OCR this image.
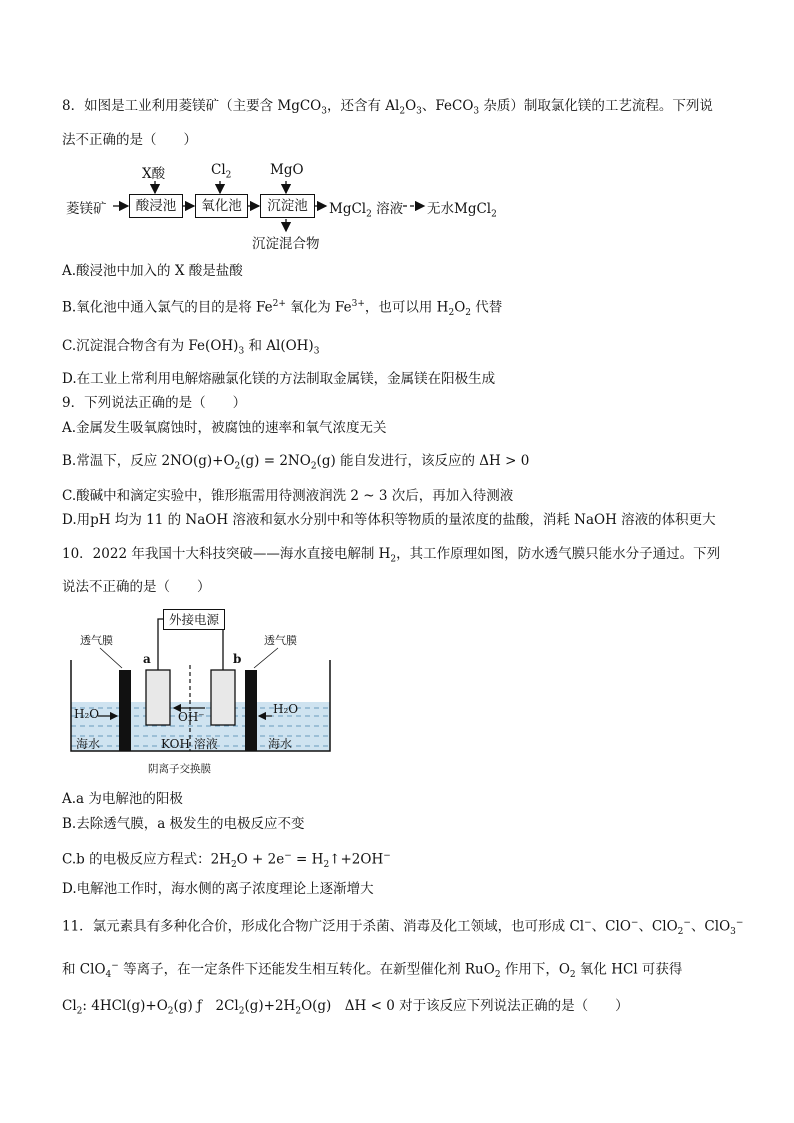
8．如图是工业利用菱镁矿（主要含 MgCO$_3$，还含有 $Al_2O_3$、FeCO$_3$ 杂质）制取氯化镁的工艺流程。下列说
法不正确的是（　　）
X酸	$Cl_2$	MgO
菱镁矿	酸浸池	氧化池	沉淀池	MgCl$_2$ 溶液 无水MgCl$_2$
沉淀混合物
A.酸浸池中加入的 X 酸是盐酸
B.氧化池中通入氯气的目的是将 $Fe^{2+}$ 氧化为 $Fe^{3+}$，也可以用 $H_2O_2$ 代替
C.沉淀混合物含有为 $Fe(OH)_3$ 和 $Al(OH)_3$
D.在工业上常利用电解熔融氯化镁的方法制取金属镁，金属镁在阳极生成
9．下列说法正确的是（　　）
A.金属发生吸氧腐蚀时，被腐蚀的速率和氧气浓度无关
B.常温下，反应 $2NO(g)+O_2(g) = 2NO_2(g)$ 能自发进行，该反应的 ΔH > 0
C.酸碱中和滴定实验中，锥形瓶需用待测液润洗 2 ~ 3 次后，再加入待测液
D.用pH 均为 11 的 NaOH 溶液和氨水分别中和等体积等物质的量浓度的盐酸，消耗 NaOH 溶液的体积更大
10．2022 年我国十大科技突破——海水直接电解制 $H_2$，其工作原理如图，防水透气膜只能水分子通过。下列
说法不正确的是（　　）
外接电源
透气膜	透气膜
a	b
H₂O	H₂O
OH⁻
海水	海水
KOH 溶液
阴离子交换膜
A.a 为电解池的阳极
B.去除透气膜，a 极发生的电极反应不变
C.b 的电极反应方程式：$2H_2O + 2e^-$ = $H_2↑+2OH^-$
D.电解池工作时，海水侧的离子浓度理论上逐渐增大
11．氯元素具有多种化合价，形成化合物广泛用于杀菌、消毒及化工领域，也可形成 Cl−、ClO−、ClO$_2$−、ClO$_3$−
和 ClO$_4$− 等离子，在一定条件下还能发生相互转化。在新型催化剂 RuO$_2$ 作用下，$O_2$ 氧化 HCl 可获得
$Cl_2$: $4HCl(g)+O_2(g)$ ƒ　$2Cl_2(g)+2H_2O(g)$　ΔH < 0 对于该反应下列说法正确的是（　　）
